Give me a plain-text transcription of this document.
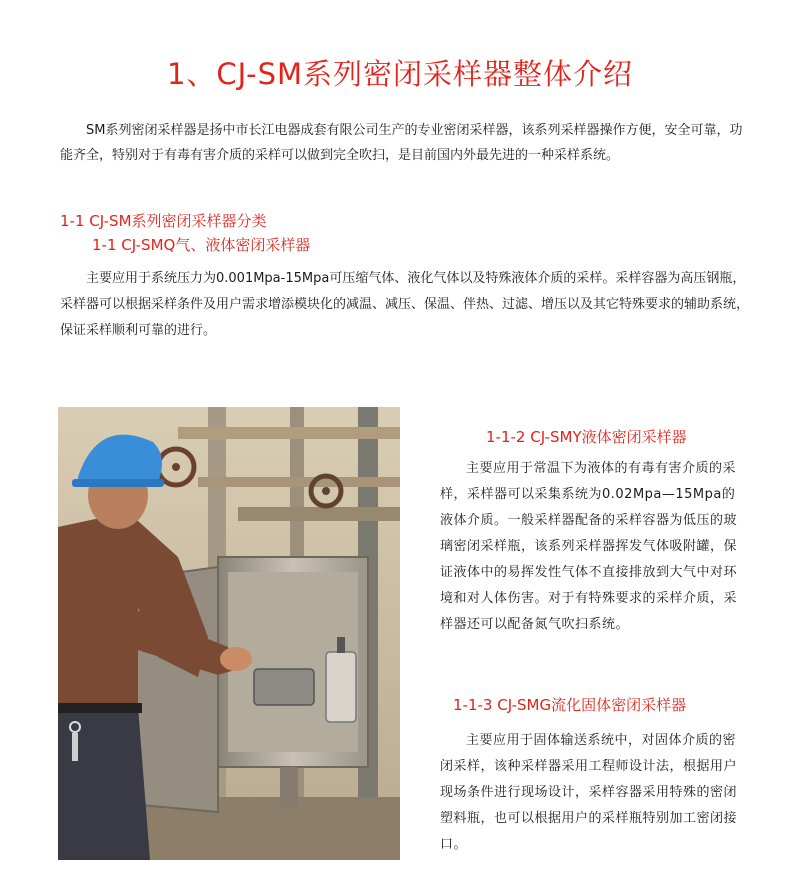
1、CJ-SM系列密闭采样器整体介绍

SM系列密闭采样器是扬中市长江电器成套有限公司生产的专业密闭采样器，该系列采样器操作方便，安全可靠，功能齐全，特别对于有毒有害介质的采样可以做到完全吹扫，是目前国内外最先进的一种采样系统。

1-1 CJ-SM系列密闭采样器分类
1-1 CJ-SMQ气、液体密闭采样器

主要应用于系统压力为0.001Mpa-15Mpa可压缩气体、液化气体以及特殊液体介质的采样。采样容器为高压钢瓶，采样器可以根据采样条件及用户需求增添模块化的减温、减压、保温、伴热、过滤、增压以及其它特殊要求的辅助系统，保证采样顺利可靠的进行。

1-1-2 CJ-SMY液体密闭采样器

主要应用于常温下为液体的有毒有害介质的采样，采样器可以采集系统为0.02Mpa—15Mpa的液体介质。一般采样器配备的采样容器为低压的玻璃密闭采样瓶，该系列采样器挥发气体吸附罐，保证液体中的易挥发性气体不直接排放到大气中对环境和对人体伤害。对于有特殊要求的采样介质，采样器还可以配备氮气吹扫系统。

1-1-3 CJ-SMG流化固体密闭采样器

主要应用于固体输送系统中，对固体介质的密闭采样，该种采样器采用工程师设计法，根据用户现场条件进行现场设计，采样容器采用特殊的密闭塑料瓶，也可以根据用户的采样瓶特别加工密闭接口。
